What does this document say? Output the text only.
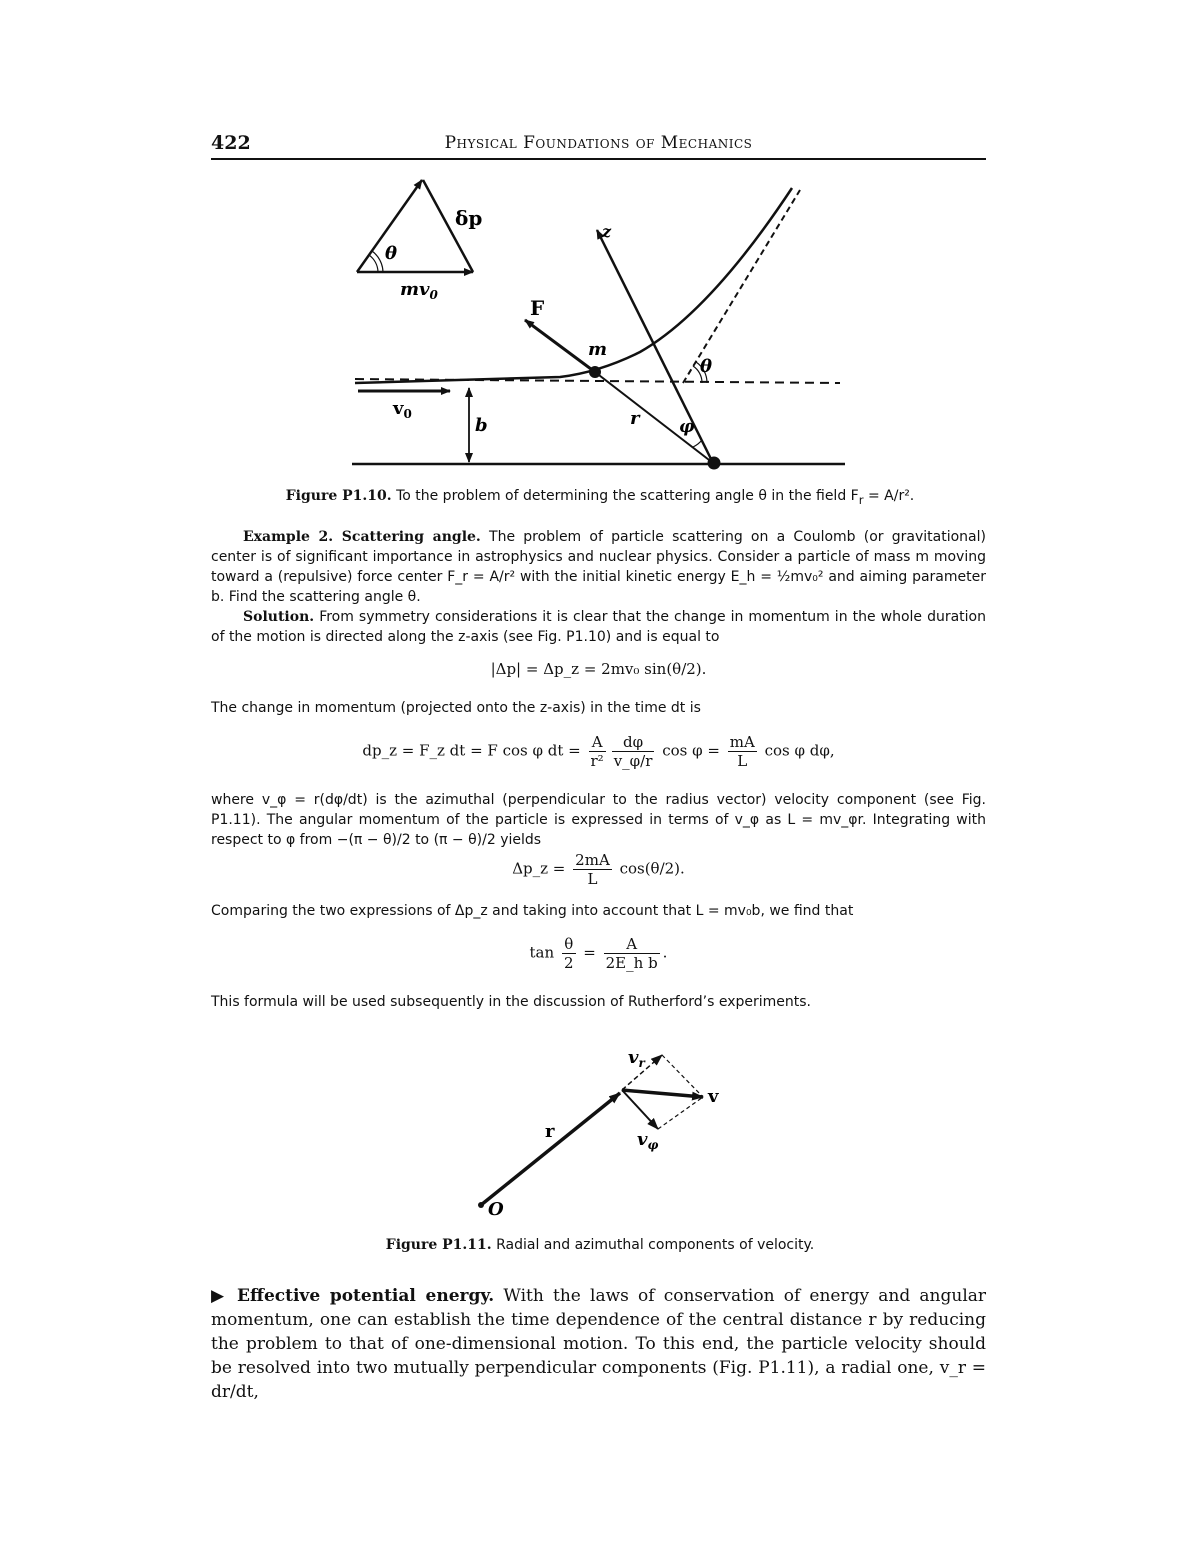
422	Physical Foundations of Mechanics
θ
δp
$mv_0$
$v_0$
b
z
r
F
m
θ
φ
Figure P1.10. To the problem of determining the scattering angle θ in the field $F_r = A/r^2$.

Example 2. Scattering angle. The problem of particle scattering on a Coulomb (or gravitational) center is of significant importance in astrophysics and nuclear physics. Consider a particle of mass m moving toward a (repulsive) force center F_r = A/r² with the initial kinetic energy E_h = ½mv₀² and aiming parameter b. Find the scattering angle θ.

Solution. From symmetry considerations it is clear that the change in momentum in the whole duration of the motion is directed along the z-axis (see Fig. P1.10) and is equal to

|Δp| = Δp_z = 2mv₀ sin(θ/2).
The change in momentum (projected onto the z-axis) in the time dt is
dp_z = F_z dt = F cos φ dt = $\frac{A}{\text{r²}} \frac{d\varphi}{v\_\varphi/r}$ $\cos \varphi = \frac{mA}{L}$ cos φ dφ,
where v_φ = r(dφ/dt) is the azimuthal (perpendicular to the radius vector) velocity component (see Fig. P1.11). The angular momentum of the particle is expressed in terms of v_φ as L = mv_φr. Integrating with respect to φ from −(π − θ)/2 to (π − θ)/2 yields
Δp_z = $\frac{2mA}{L} \cos(\theta/2)$.
Comparing the two expressions of Δp_z and taking into account that L = mv₀b, we find that
$\tan \frac{\theta}{2} = \frac{A}{\text{2E\_h b}}$ .
This formula will be used subsequently in the discussion of Rutherford’s experiments.
$v_r$
v
r	$v_\varphi$
O
Figure P1.11. Radial and azimuthal components of velocity.

▶ Effective potential energy. With the laws of conservation of energy and angular momentum, one can establish the time dependence of the central distance r by reducing the problem to that of one-dimensional motion. To this end, the particle velocity should be resolved into two mutually perpendicular components (Fig. P1.11), a radial one, v_r = dr/dt,
